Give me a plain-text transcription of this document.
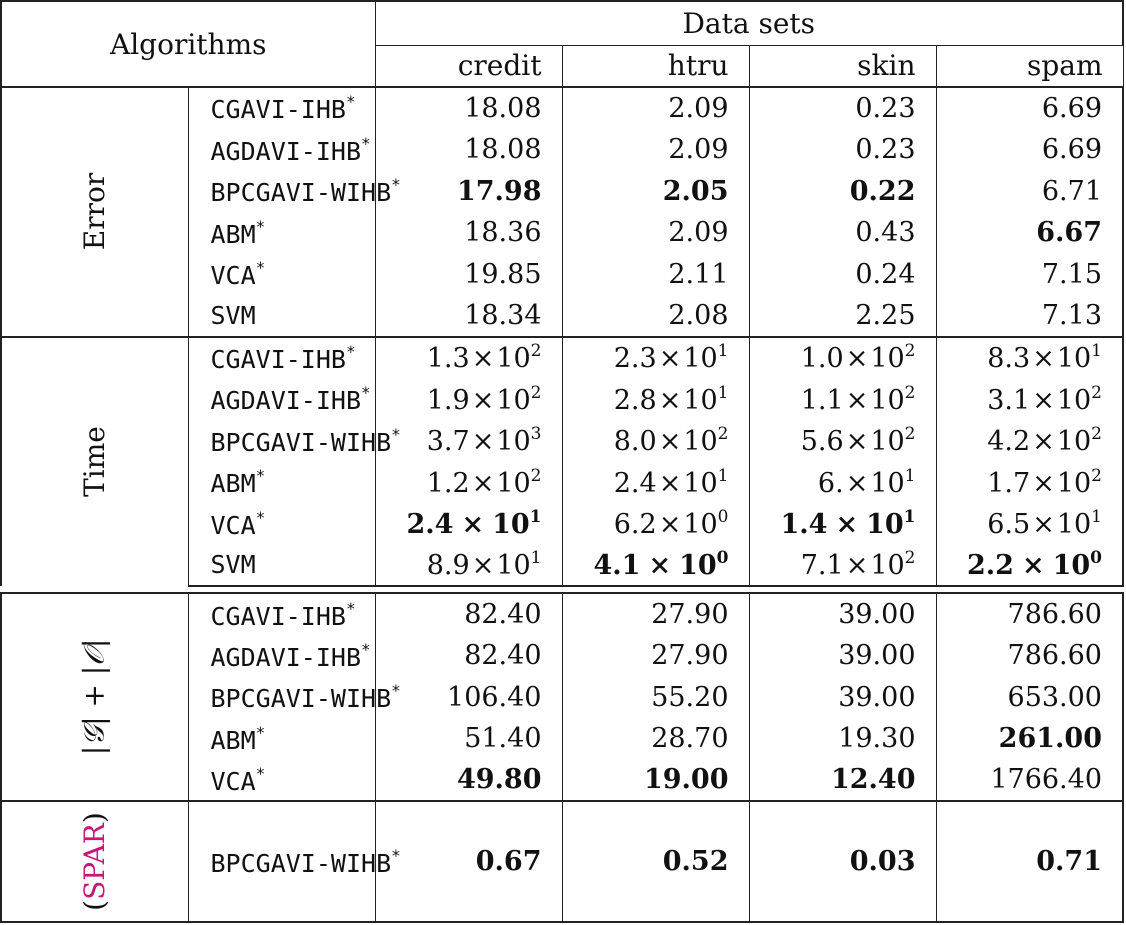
Algorithms		Data sets			
		credit	htru	skin	spam
Error	CGAVI-IHB*	18.08	2.09	0.23	6.69
	AGDAVI-IHB*	18.08	2.09	0.23	6.69
	BPCGAVI-WIHB*	17.98	2.05	0.22	6.71
	ABM*	18.36	2.09	0.43	6.67
	VCA*	19.85	2.11	0.24	7.15
	SVM	18.34	2.08	2.25	7.13
Time	CGAVI-IHB*	$1.3\times 10^2$	$2.3\times 10^1$	$1.0\times 10^2$	$8.3\times 10^1$
	AGDAVI-IHB*	$1.9\times 10^2$	$2.8\times 10^1$	$1.1\times 10^2$	$3.1\times 10^2$
	BPCGAVI-WIHB*	$3.7\times 10^3$	$8.0\times 10^2$	$5.6\times 10^2$	$4.2\times 10^2$
	ABM*	$1.2\times 10^2$	$2.4\times 10^1$	$6.\times 10^1$	$1.7\times 10^2$
	VCA*	$2.4 \times 10^1$	$6.2\times 10^0$	$1.4 \times 10^1$	$6.5\times 10^1$
	SVM	$8.9\times 10^1$	$4.1 \times 10^0$	$7.1\times 10^2$	$2.2 \times 10^0$

|𝒢| + |𝒪|	CGAVI-IHB*	82.40	27.90	39.00	786.60
	AGDAVI-IHB*	82.40	27.90	39.00	786.60
	BPCGAVI-WIHB*	106.40	55.20	39.00	653.00
	ABM*	51.40	28.70	19.30	261.00
	VCA*	49.80	19.00	12.40	1766.40
(SPAR)	BPCGAVI-WIHB*	0.67	0.52	0.03	0.71
